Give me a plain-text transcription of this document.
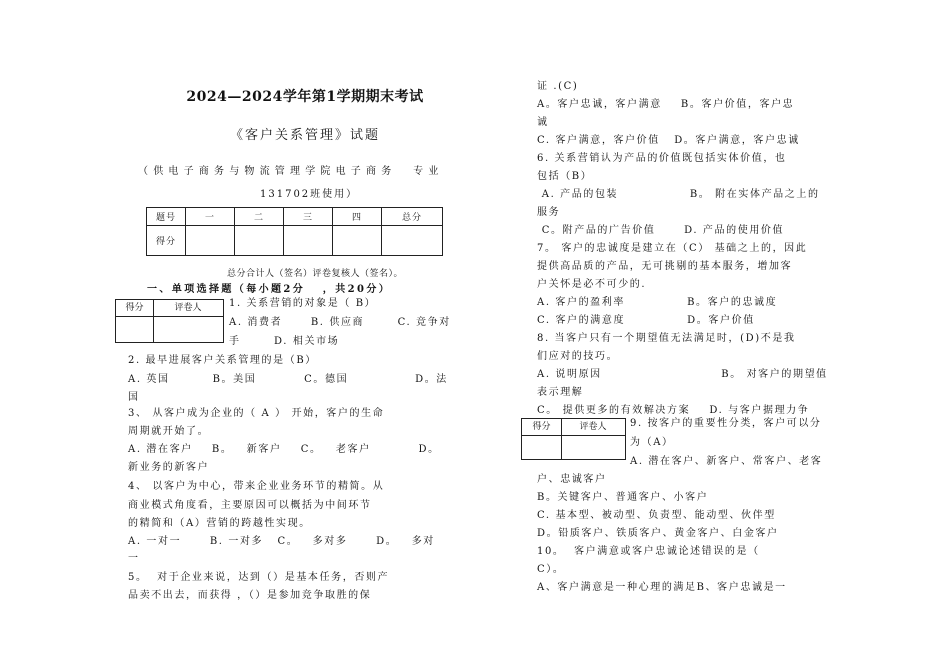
2024—2024学年第1学期期末考试
《客户关系管理》试题
（供电子商务与物流管理学院电子商务  专业
131702班使用）
题号	一	二	三	四	总分
得分					
总分合计人（签名）评卷复核人（签名）。
一、单项选择题（每小题2分   ，共20分）
得分	评卷人	1. 关系营销的对象是（ B）
A. 消费者      B. 供应商       C. 竞争对
手       D. 相关市场
2. 最早进展客户关系管理的是（B）
A. 英国         B。美国          C。德国              D。法
国
3、 从客户成为企业的（ A ） 开始，客户的生命
周期就开始了。
A. 潜在客户    B。   新客户    C。   老客户          D。
新业务的新客户
4、 以客户为中心，带来企业业务环节的精简。从
商业模式角度看，主要原因可以概括为中间环节
的精简和（A）营销的跨越性实现。
A. 一对一      B. 一对多   C。   多对多      D。   多对
一
5。  对于企业来说，达到（）是基本任务，否则产
品卖不出去，而获得 ，（）是参加竞争取胜的保
证 .(C)
A。客户忠诚，客户满意    B。客户价值，客户忠
诚
C. 客户满意，客户价值   D。客户满意，客户忠诚
6. 关系营销认为产品的价值既包括实体价值，也
包括（B）
A. 产品的包装               B。 附在实体产品之上的
服务
C。附产品的广告价值      D. 产品的使用价值
7。 客户的忠诚度是建立在（C） 基础之上的，因此
提供高品质的产品，无可挑剔的基本服务，增加客
户关怀是必不可少的.
A. 客户的盈利率             B。客户的忠诚度
C. 客户的满意度             D。客户价值
8. 当客户只有一个期望值无法满足时，(D)不是我
们应对的技巧。
A. 说明原因                         B。 对客户的期望值
表示理解
C。 提供更多的有效解决方案    D. 与客户据理力争
得分	评卷人	9. 按客户的重要性分类，客户可以分
为（A）
A. 潜在客户、新客户、常客户、老客
户、忠诚客户
B。关键客户、普通客户、小客户
C. 基本型、被动型、负责型、能动型、伙伴型
D。铅质客户、铁质客户、黄金客户、白金客户
10。  客户满意或客户忠诚论述错误的是（
C）。
A、客户满意是一种心理的满足B、客户忠诚是一
